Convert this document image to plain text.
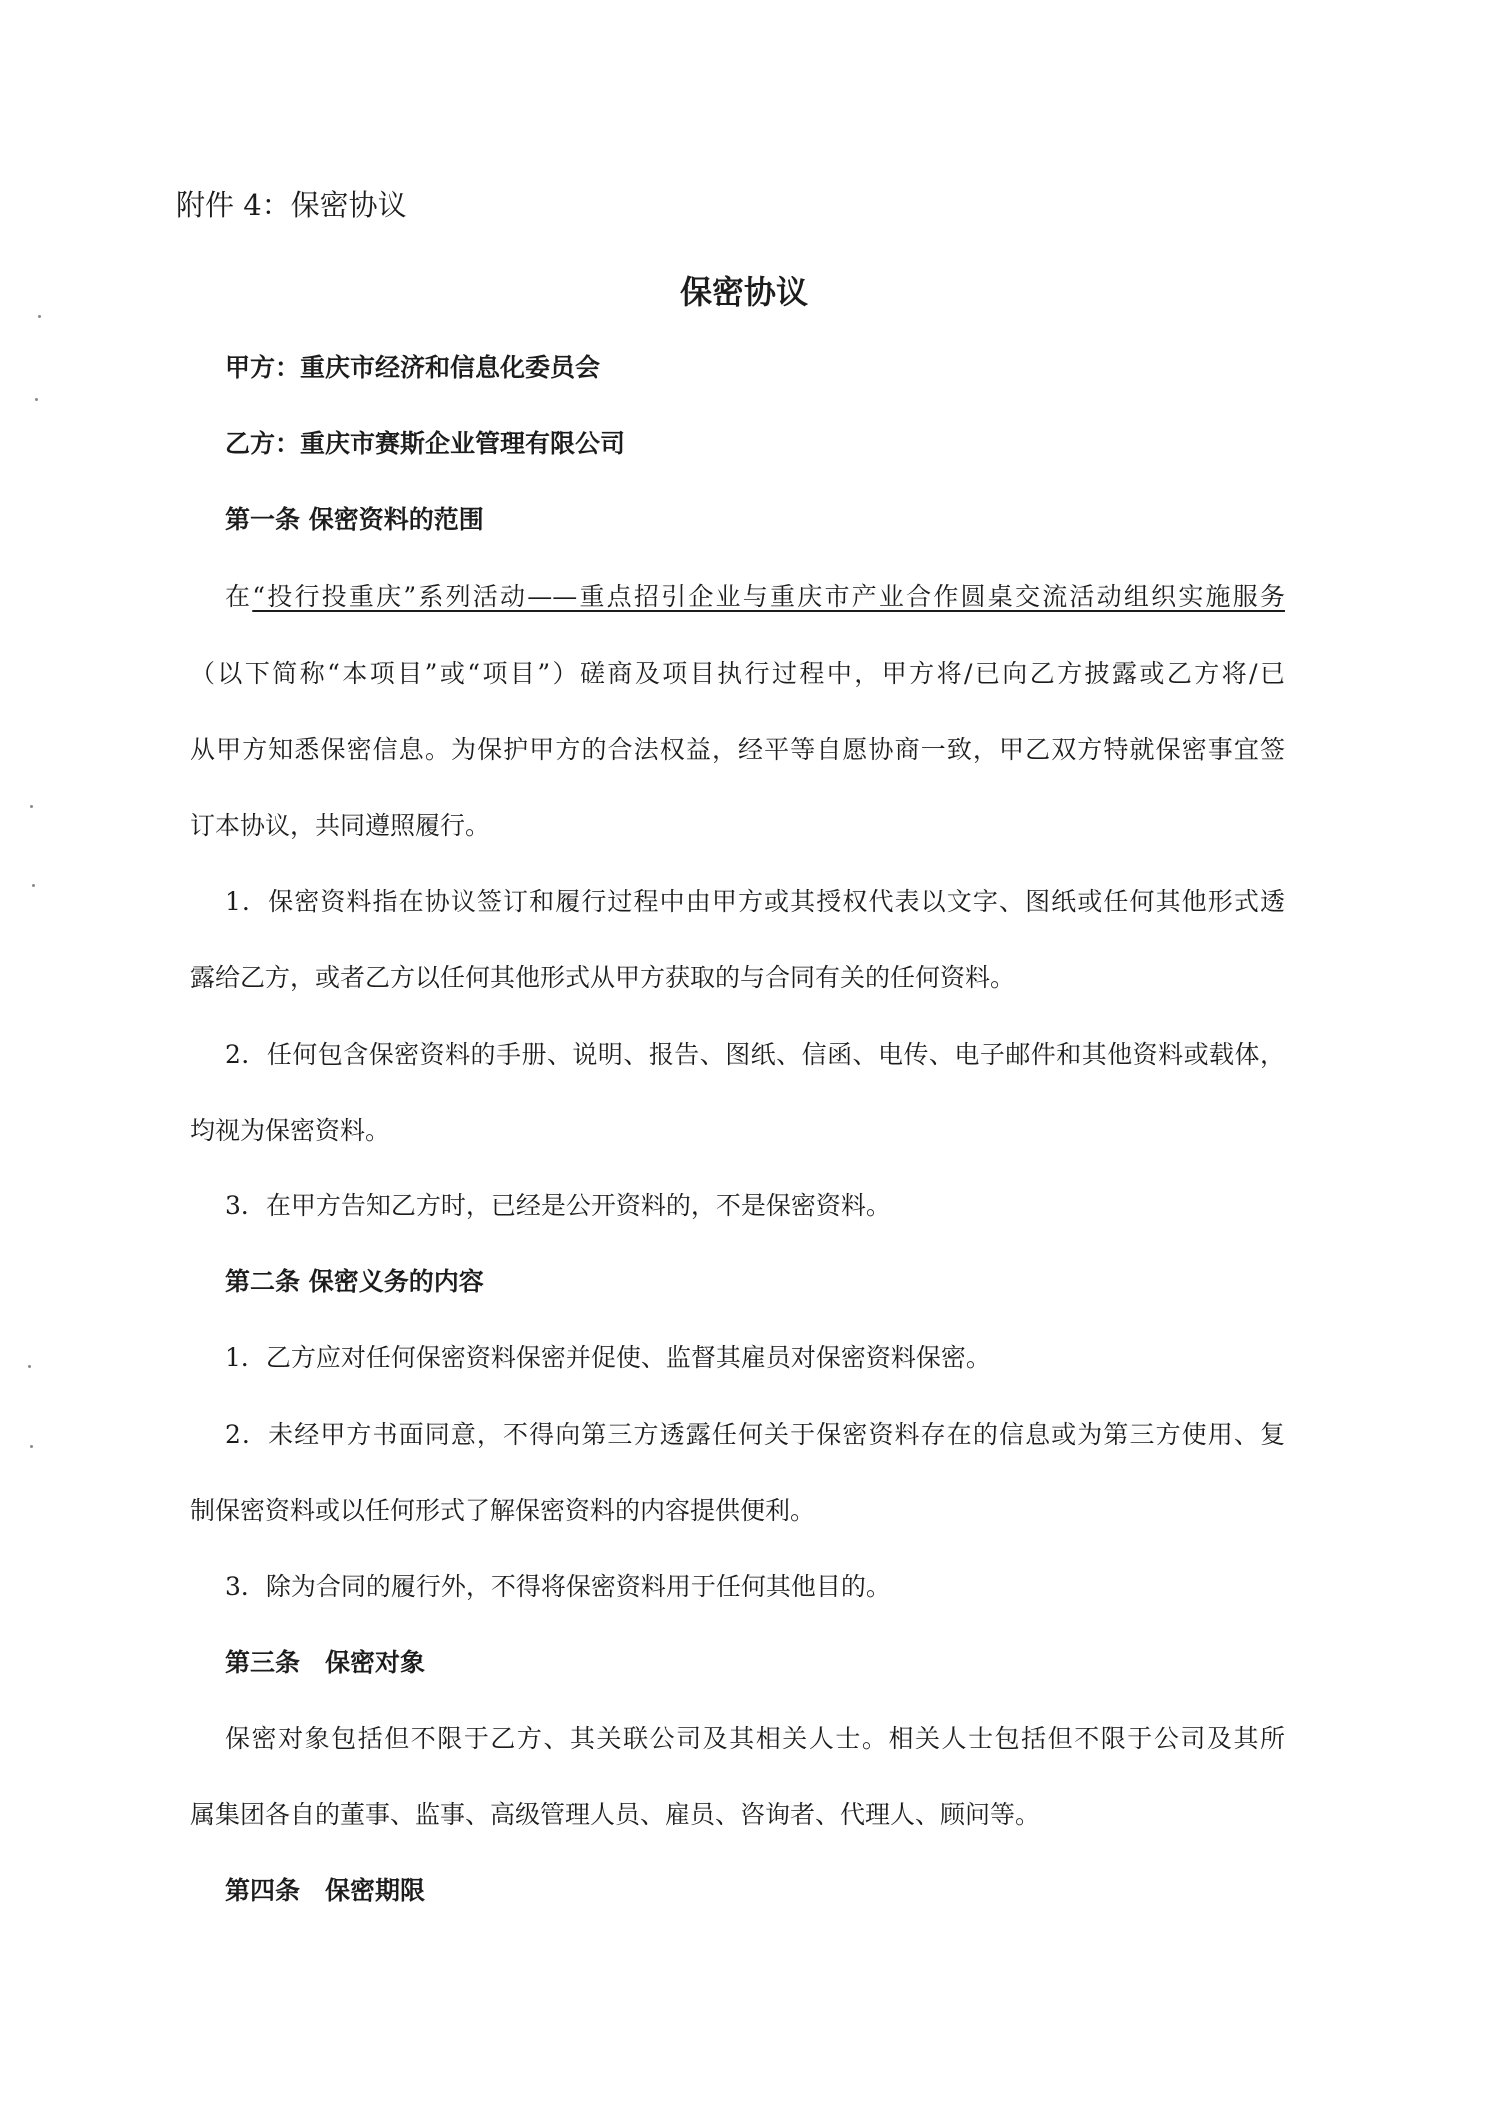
附件 4：保密协议

保密协议

甲方：重庆市经济和信息化委员会

乙方：重庆市赛斯企业管理有限公司

第一条 保密资料的范围

在“投行投重庆”系列活动——重点招引企业与重庆市产业合作圆桌交流活动组织实施服务

（以下简称“本项目”或“项目”）磋商及项目执行过程中，甲方将/已向乙方披露或乙方将/已

从甲方知悉保密信息。为保护甲方的合法权益，经平等自愿协商一致，甲乙双方特就保密事宜签

订本协议，共同遵照履行。

1．保密资料指在协议签订和履行过程中由甲方或其授权代表以文字、图纸或任何其他形式透

露给乙方，或者乙方以任何其他形式从甲方获取的与合同有关的任何资料。

2．任何包含保密资料的手册、说明、报告、图纸、信函、电传、电子邮件和其他资料或载体，

均视为保密资料。

3．在甲方告知乙方时，已经是公开资料的，不是保密资料。

第二条 保密义务的内容

1．乙方应对任何保密资料保密并促使、监督其雇员对保密资料保密。

2．未经甲方书面同意，不得向第三方透露任何关于保密资料存在的信息或为第三方使用、复

制保密资料或以任何形式了解保密资料的内容提供便利。

3．除为合同的履行外，不得将保密资料用于任何其他目的。

第三条　保密对象

保密对象包括但不限于乙方、其关联公司及其相关人士。相关人士包括但不限于公司及其所

属集团各自的董事、监事、高级管理人员、雇员、咨询者、代理人、顾问等。

第四条　保密期限
